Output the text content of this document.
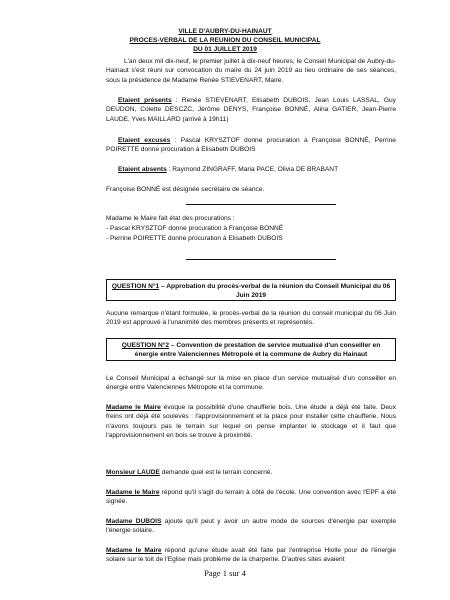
VILLE D'AUBRY-DU-HAINAUT
PROCES-VERBAL DE LA REUNION DU CONSEIL MUNICIPAL
DU 01 JUILLET 2019
L'an deux mil dix-neuf, le premier juillet à dix-neuf heures, le Conseil Municipal de Aubry-du-Hainaut s'est réuni sur convocation du maire du 24 juin 2019 au lieu ordinaire de ses séances, sous la présidence de Madame Renée STIEVENART, Maire.
Etaient présents : Renée STIEVENART, Elisabeth DUBOIS, Jean Louis LASSAL, Guy DEUDON, Colette DESCZC, Jérôme DENYS, Françoise BONNÉ, Alina GATIER, Jean-Pierre LAUDE, Yves MAILLARD (arrivé à 19h11)
Etaient excusés : Pascal KRYSZTOF donne procuration à Françoise BONNÉ, Perrine POIRETTE donne procuration à Elisabeth DUBOIS
Etaient absents : Raymond ZINGRAFF, Maria PACE, Olivia DE BRABANT
Françoise BONNÉ est désignée secrétaire de séance.
Madame le Maire fait état des procurations :
- Pascal KRYSZTOF donne procuration à Françoise BONNÉ
- Perrine POIRETTE donne procuration à Elisabeth DUBOIS
QUESTION N°1 – Approbation du procès-verbal de la réunion du Conseil Municipal du 06 Juin 2019
Aucune remarque n'étant formulée, le procès-verbal de la réunion du conseil municipal du 06 Juin 2019 est approuvé à l'unanimité des membres présents et représentés.
QUESTION N°2 – Convention de prestation de service mutualisé d'un conseiller en énergie entre Valenciennes Métropole et la commune de Aubry du Hainaut
Le Conseil Municipal a échangé sur la mise en place d'un service mutualisé d'un conseiller en énergie entre Valenciennes Métropole et la commune.
Madame le Maire évoque la possibilité d'une chaufferie bois. Une étude a déjà été faite. Deux freins ont déjà été soulevés : l'approvisionnement et la place pour installer cette chaufferie. Nous n'avons toujours pas le terrain sur lequel on pense implanter le stockage et il faut que l'approvisionnement en bois se trouve à proximité.
Monsieur LAUDE demande quel est le terrain concerné.
Madame le Maire répond qu'il s'agit du terrain à côté de l'école. Une convention avec l'EPF a été signée.
Madame DUBOIS ajoute qu'il peut y avoir un autre mode de sources d'énergie par exemple l'énergie solaire.
Madame le Maire répond qu'une étude avait été faite par l'entreprise Hiolle pour de l'énergie solaire sur le toit de l'Eglise mais problème de la charpente. D'autres sites avaient
Page 1 sur 4
